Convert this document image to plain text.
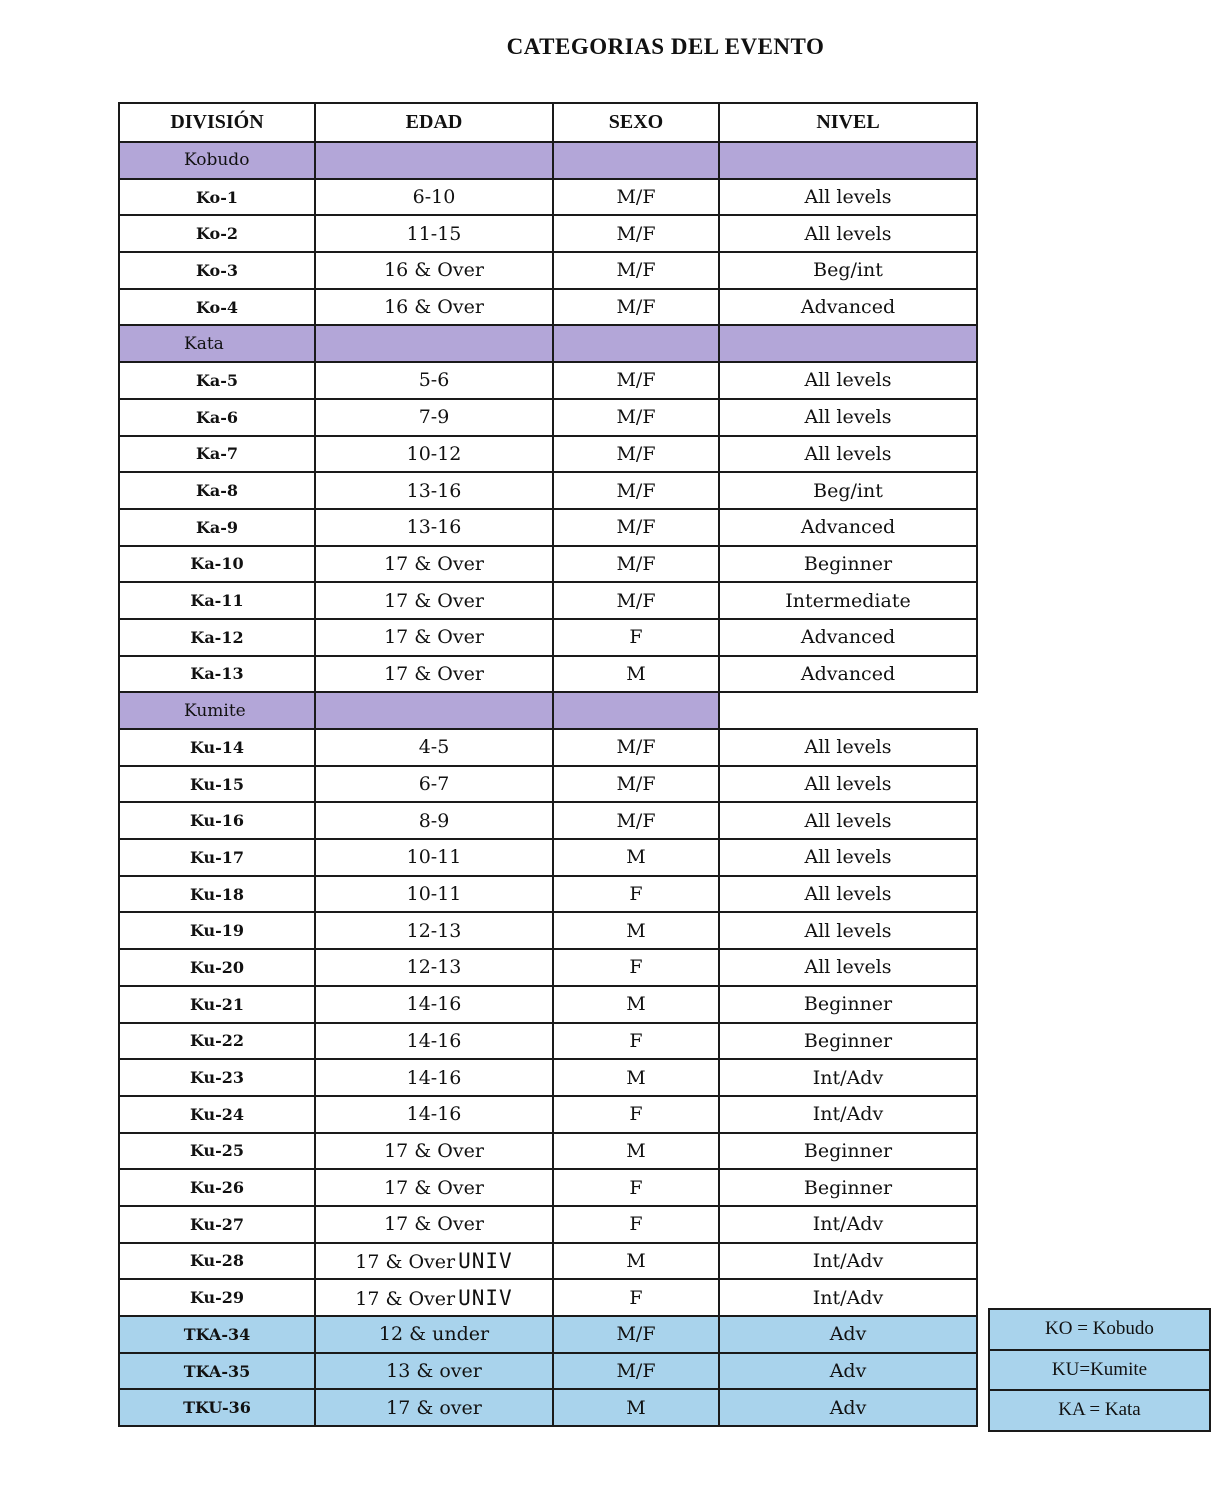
CATEGORIAS DEL EVENTO
DIVISIÓN	EDAD	SEXO	NIVEL
Kobudo			
Ko-1	6-10	M/F	All levels
Ko-2	11-15	M/F	All levels
Ko-3	16 & Over	M/F	Beg/int
Ko-4	16 & Over	M/F	Advanced
Kata			
Ka-5	5-6	M/F	All levels
Ka-6	7-9	M/F	All levels
Ka-7	10-12	M/F	All levels
Ka-8	13-16	M/F	Beg/int
Ka-9	13-16	M/F	Advanced
Ka-10	17 & Over	M/F	Beginner
Ka-11	17 & Over	M/F	Intermediate
Ka-12	17 & Over	F	Advanced
Ka-13	17 & Over	M	Advanced
Kumite			
Ku-14	4-5	M/F	All levels
Ku-15	6-7	M/F	All levels
Ku-16	8-9	M/F	All levels
Ku-17	10-11	M	All levels
Ku-18	10-11	F	All levels
Ku-19	12-13	M	All levels
Ku-20	12-13	F	All levels
Ku-21	14-16	M	Beginner
Ku-22	14-16	F	Beginner
Ku-23	14-16	M	Int/Adv
Ku-24	14-16	F	Int/Adv
Ku-25	17 & Over	M	Beginner
Ku-26	17 & Over	F	Beginner
Ku-27	17 & Over	F	Int/Adv
Ku-28	17 & Over UNIV	M	Int/Adv
Ku-29	17 & Over UNIV	F	Int/Adv
TKA-34	12 & under	M/F	Adv
TKA-35	13 & over	M/F	Adv
TKU-36	17 & over	M	Adv
KO = Kobudo
KU=Kumite
KA = Kata
